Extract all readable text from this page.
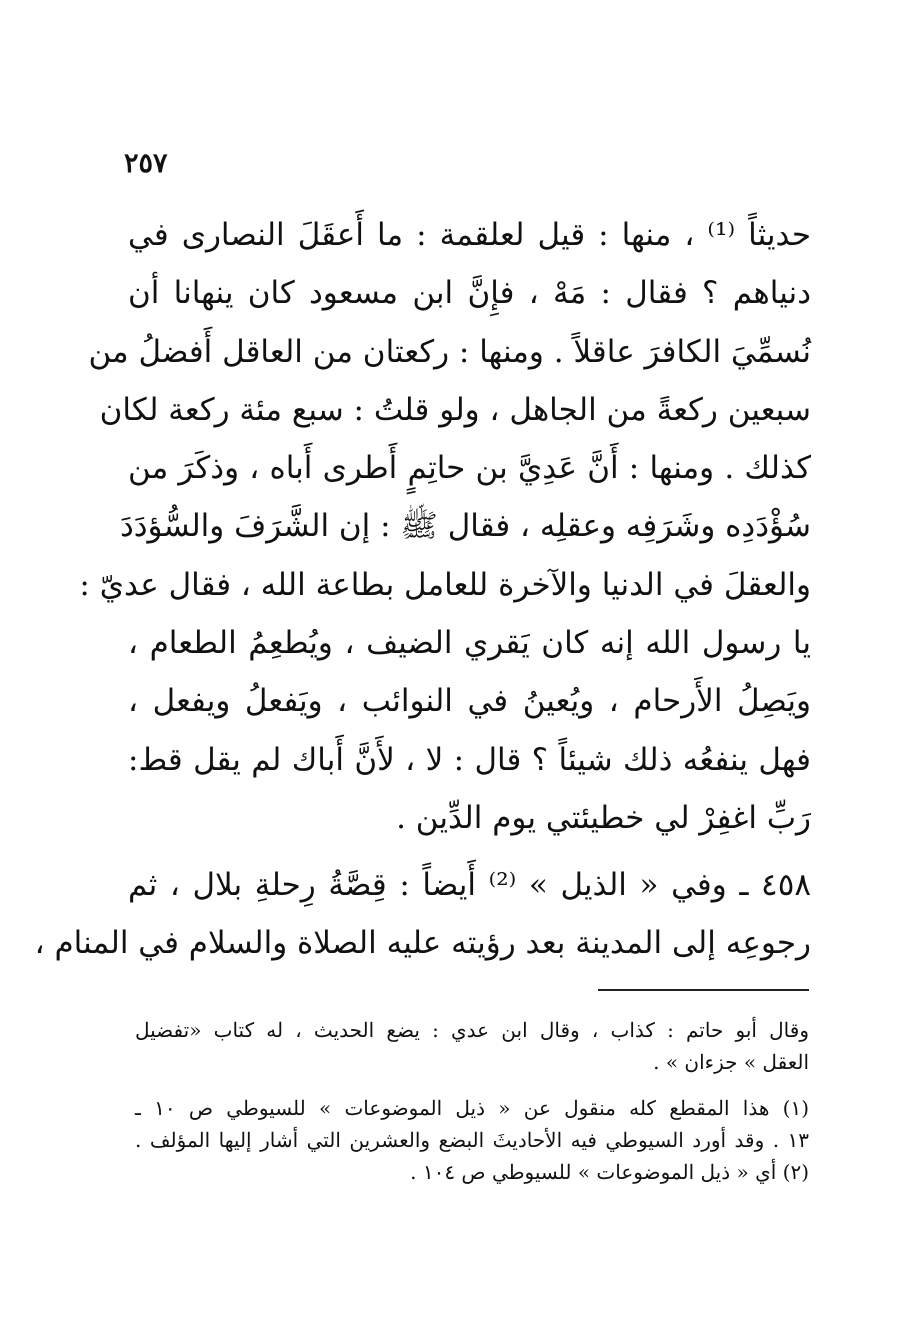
٢٥٧
حديثاً ⁽¹⁾ ، منها : قيل لعلقمة : ما أَعقَلَ النصارى في
دنياهم ؟ فقال : مَهْ ، فإِنَّ ابن مسعود كان ينهانا أن
نُسمِّيَ الكافرَ عاقلاً . ومنها : ركعتان من العاقل أَفضلُ من
سبعين ركعةً من الجاهل ، ولو قلتُ : سبع مئة ركعة لكان
كذلك . ومنها : أَنَّ عَدِيَّ بن حاتِمٍ أَطرى أَباه ، وذكَرَ من
سُؤْدَدِه وشَرَفِه وعقلِه ، فقال ﷺ : إن الشَّرَفَ والسُّؤدَدَ
والعقلَ في الدنيا والآخرة للعامل بطاعة الله ، فقال عديّ :
يا رسول الله إنه كان يَقري الضيف ، ويُطعِمُ الطعام ،
ويَصِلُ الأَرحام ، ويُعينُ في النوائب ، ويَفعلُ ويفعل ،
فهل ينفعُه ذلك شيئاً ؟ قال : لا ، لأَنَّ أَباك لم يقل قط:
رَبِّ اغفِرْ لي خطيئتي يوم الدِّين .
٤٥٨ ـ وفي « الذيل » ⁽²⁾ أَيضاً : قِصَّةُ رِحلةِ بلال ، ثم
رجوعِه إلى المدينة بعد رؤيته عليه الصلاة والسلام في المنام ،
وقال أبو حاتم : كذاب ، وقال ابن عدي : يضع الحديث ، له كتاب «تفضيل
العقل » جزءان » .
(١) هذا المقطع كله منقول عن « ذيل الموضوعات » للسيوطي ص ١٠ ـ
١٣ . وقد أورد السيوطي فيه الأحاديثَ البضع والعشرين التي أشار إليها المؤلف .
(٢) أي « ذيل الموضوعات » للسيوطي ص ١٠٤ .
